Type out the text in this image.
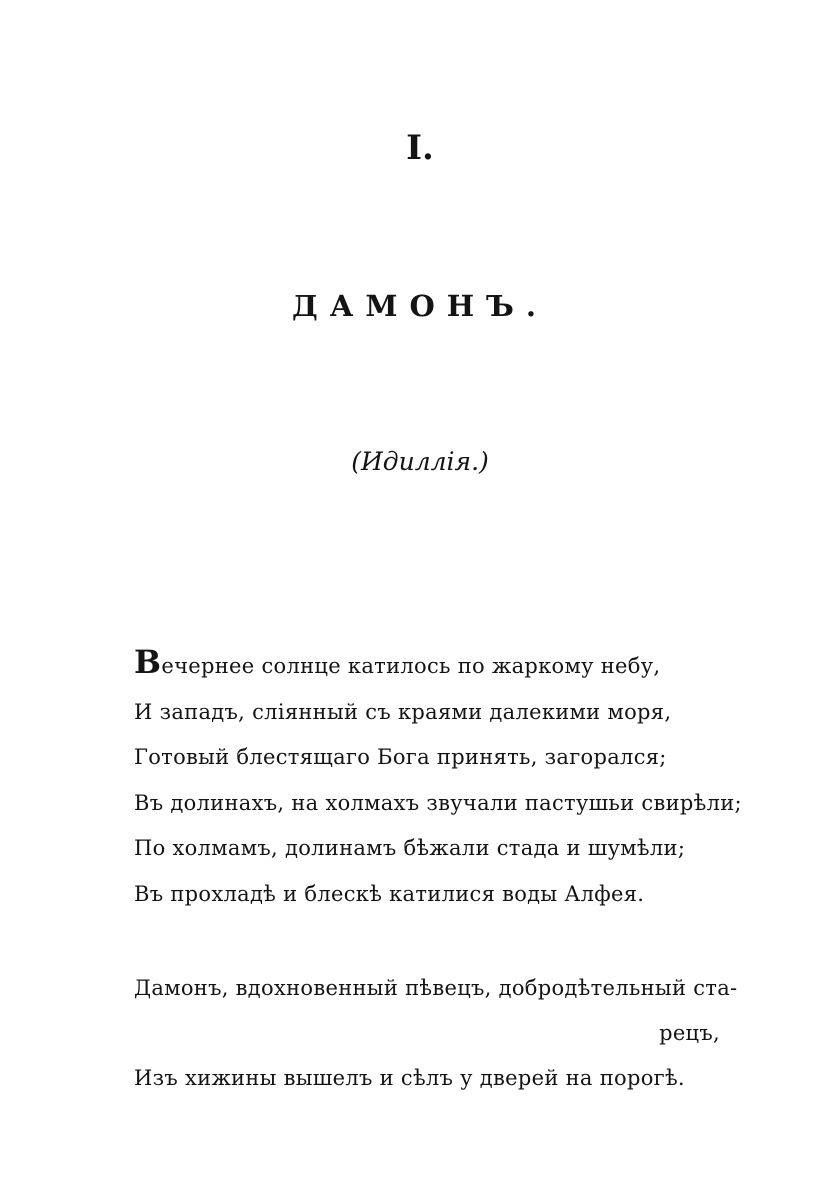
I.
ДАМОНЪ.
(Идиллія.)
Вечернее солнце катилось по жаркому небу,
И западъ, сліянный съ краями далекими моря,
Готовый блестящаго Бога принять, загорался;
Въ долинахъ, на холмахъ звучали пастушьи свирѣли;
По холмамъ, долинамъ бѣжали стада и шумѣли;
Въ прохладѣ и блескѣ катилися воды Алфея.
Дамонъ, вдохновенный пѣвецъ, добродѣтельный ста-
рецъ,
Изъ хижины вышелъ и сѣлъ у дверей на порогѣ.
